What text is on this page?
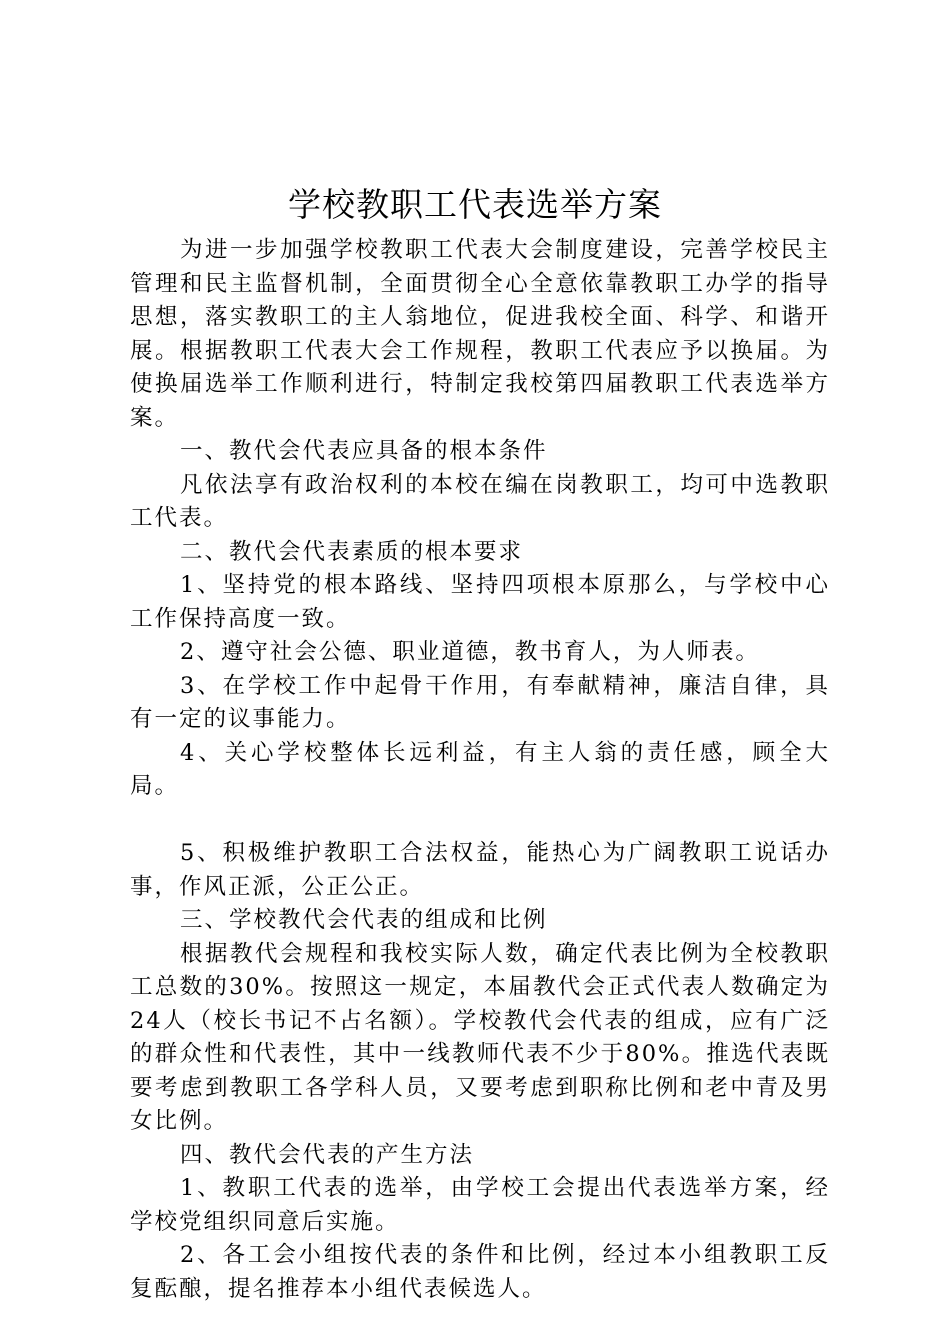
学校教职工代表选举方案

为进一步加强学校教职工代表大会制度建设，完善学校民主管理和民主监督机制，全面贯彻全心全意依靠教职工办学的指导思想，落实教职工的主人翁地位，促进我校全面、科学、和谐开展。根据教职工代表大会工作规程，教职工代表应予以换届。为使换届选举工作顺利进行，特制定我校第四届教职工代表选举方案。

一、教代会代表应具备的根本条件

凡依法享有政治权利的本校在编在岗教职工，均可中选教职工代表。

二、教代会代表素质的根本要求

1、坚持党的根本路线、坚持四项根本原那么，与学校中心工作保持高度一致。

2、遵守社会公德、职业道德，教书育人，为人师表。

3、在学校工作中起骨干作用，有奉献精神，廉洁自律，具有一定的议事能力。

4、关心学校整体长远利益，有主人翁的责任感，顾全大局。

5、积极维护教职工合法权益，能热心为广阔教职工说话办事，作风正派，公正公正。

三、学校教代会代表的组成和比例

根据教代会规程和我校实际人数，确定代表比例为全校教职工总数的30%。按照这一规定，本届教代会正式代表人数确定为24人（校长书记不占名额）。学校教代会代表的组成，应有广泛的群众性和代表性，其中一线教师代表不少于80%。推选代表既要考虑到教职工各学科人员，又要考虑到职称比例和老中青及男女比例。

四、教代会代表的产生方法

1、教职工代表的选举，由学校工会提出代表选举方案，经学校党组织同意后实施。

2、各工会小组按代表的条件和比例，经过本小组教职工反复酝酿，提名推荐本小组代表候选人。
